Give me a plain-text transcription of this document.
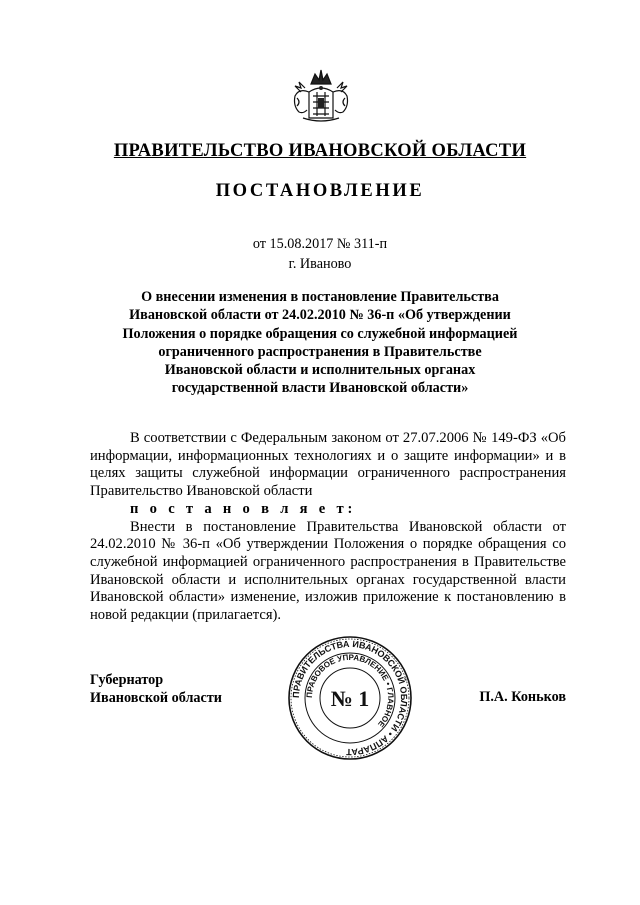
ПРАВИТЕЛЬСТВО ИВАНОВСКОЙ ОБЛАСТИ
ПОСТАНОВЛЕНИЕ
от 15.08.2017 № 311-п
г. Иваново
О внесении изменения в постановление Правительства
Ивановской области от 24.02.2010 № 36-п «Об утверждении
Положения о порядке обращения со служебной информацией
ограниченного распространения в Правительстве
Ивановской области и исполнительных органах
государственной власти Ивановской области»

В соответствии с Федеральным законом от 27.07.2006 № 149-ФЗ «Об информации, информационных технологиях и о защите информации» и в целях защиты служебной информации ограниченного распространения Правительство Ивановской области

п о с т а н о в л я е т:

Внести в постановление Правительства Ивановской области от 24.02.2010 № 36-п «Об утверждении Положения о порядке обращения со служебной информацией ограниченного распространения в Правительстве Ивановской области и исполнительных органах государственной власти Ивановской области» изменение, изложив приложение к постановлению в новой редакции (прилагается).

Губернатор
Ивановской области	ПРАВИТЕЛЬСТВА ИВАНОВСКОЙ ОБЛАСТИ • АППАРАТ
ПРАВОВОЕ УПРАВЛЕНИЕ • ГЛАВНОЕ
№ 1	П.А. Коньков
